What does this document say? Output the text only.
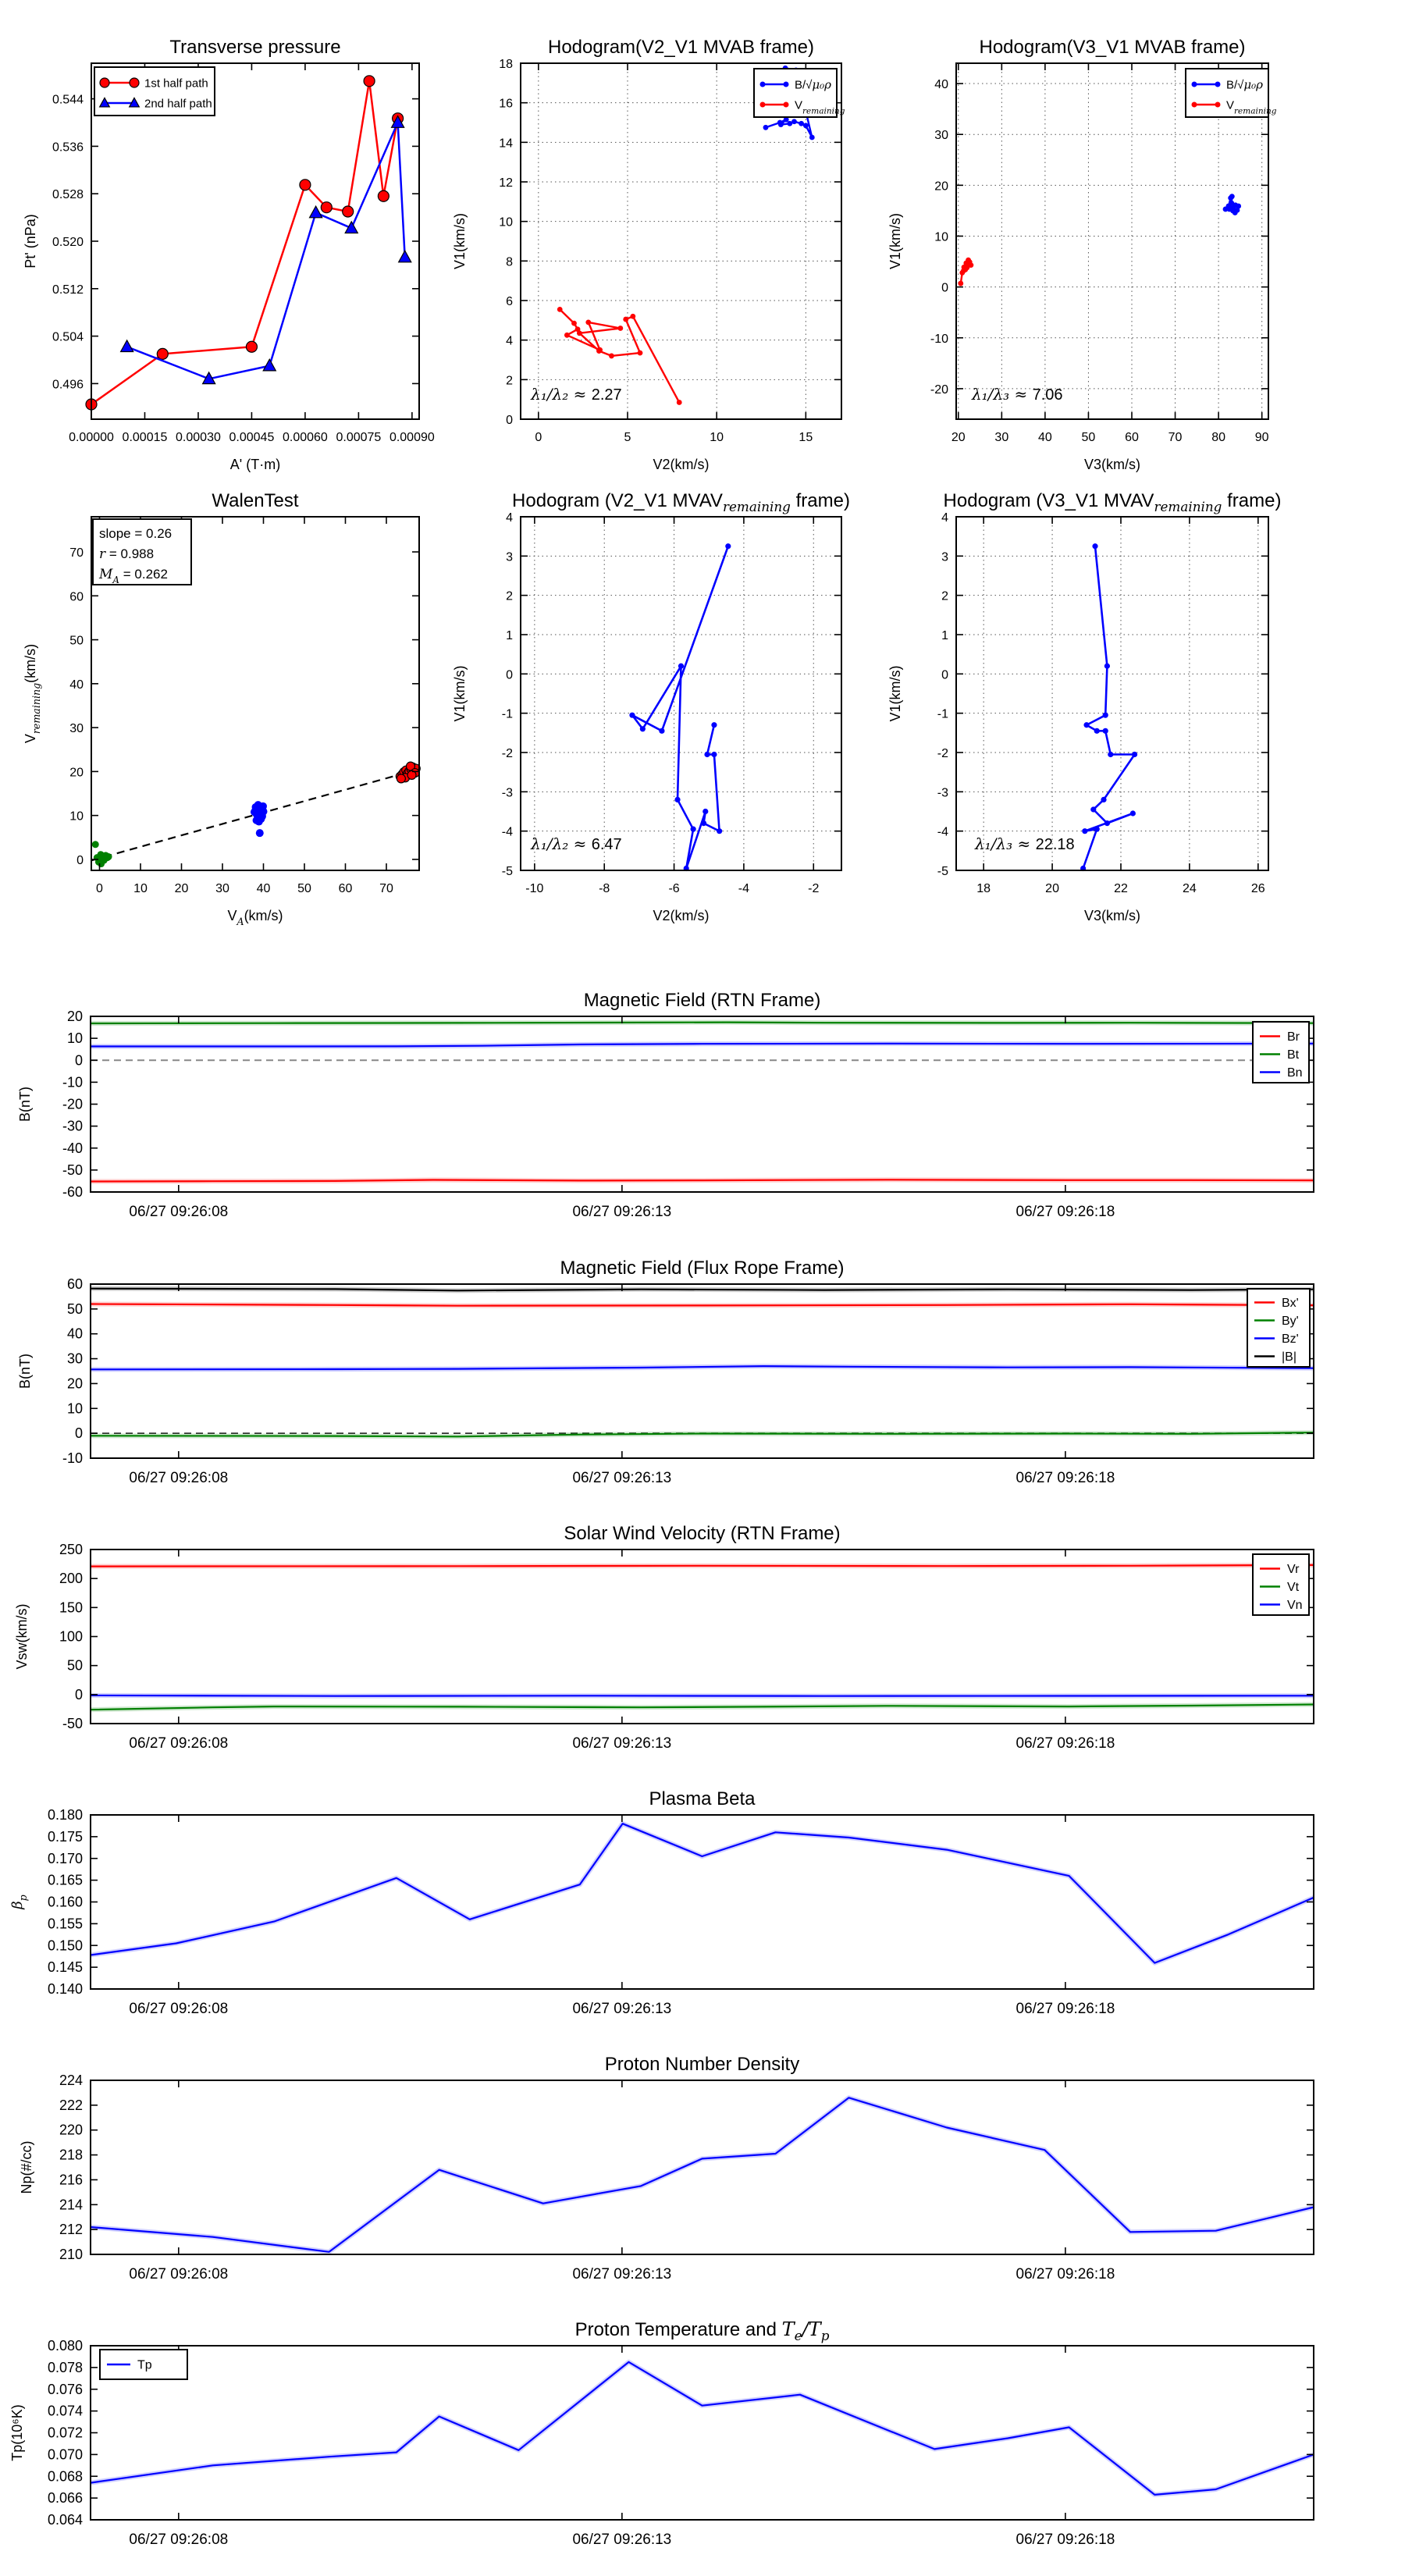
0.00000 0.00015 0.00030 0.00045 0.00060 0.00075 0.00090
0.496
0.504
0.512
0.520
0.528
0.536
0.544
Transverse pressure
A' (T·m)
Pt' (nPa)
1st half path
2nd half path
0	5	10	15
0
2
4
6
8
10
12
14
16
18
Hodogram(V2_V1 MVAB frame)
V2(km/s)
V1(km/s)
λ₁/λ₂ ≈ 2.27
B/√μ₀ρ
$V_{remaining}$
20 30 40 50 60 70 80 90
-20
-10
0
10
20
30
40
Hodogram(V3_V1 MVAB frame)
V3(km/s)
V1(km/s)
λ₁/λ₃ ≈ 7.06
B/√μ₀ρ
$V_{remaining}$
0 10 20 30 40 50 60 70
0
10
20
30
40
50
60
70
WalenTest
$V_A(km/s)$
$V_{remaining}(km/s)$
slope = 0.26
r = 0.988
$M_A = 0.262$
-10	-8	-6	-4	-2
-5
-4
-3
-2
-1
0
1
2
3
4
Hodogram (V2_V1 $MVAV_{remaining}$ frame)
V2(km/s)
V1(km/s)
λ₁/λ₂ ≈ 6.47
18	20	22	24	26
-5
-4
-3
-2
-1
0
1
2
3
4
Hodogram (V3_V1 $MVAV_{remaining}$ frame)
V3(km/s)
V1(km/s)
λ₁/λ₃ ≈ 22.18
06/27 09:26:08	06/27 09:26:13	06/27 09:26:18
-60
-50
-40
-30
-20
-10
0
10
20
Magnetic Field (RTN Frame)
B(nT)
Br
Bt
Bn
06/27 09:26:08	06/27 09:26:13	06/27 09:26:18
-10
0
10
20
30
40
50
60
Magnetic Field (Flux Rope Frame)
B(nT)
Bx'
By'
Bz'
|B|
06/27 09:26:08	06/27 09:26:13	06/27 09:26:18
-50
0
50
100
150
200
250
Solar Wind Velocity (RTN Frame)
Vsw(km/s)
Vr
Vt
Vn
06/27 09:26:08	06/27 09:26:13	06/27 09:26:18
0.140
0.145
0.150
0.155
0.160
0.165
0.170
0.175
0.180
Plasma Beta
$\beta_p$
06/27 09:26:08	06/27 09:26:13	06/27 09:26:18
210
212
214
216
218
220
222
224
Proton Number Density
Np(#/cc)
06/27 09:26:08	06/27 09:26:13	06/27 09:26:18
0.064
0.066
0.068
0.070
0.072
0.074
0.076
0.078
0.080
Proton Temperature and $T_e/T_p$
Tp(10⁶K)
Tp
